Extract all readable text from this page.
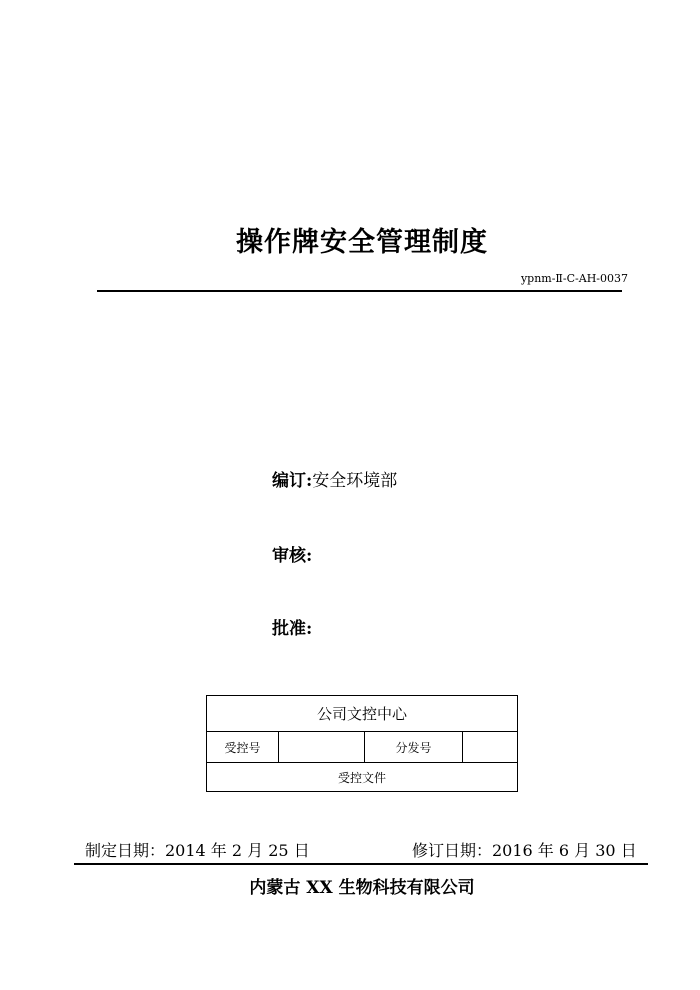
操作牌安全管理制度
ypnm-Ⅱ-C-AH-0037
编订:安全环境部
审核:
批准:
公司文控中心
受控号		分发号	
受控文件
制定日期：2014 年 2 月 25 日	修订日期：2016 年 6 月 30 日
内蒙古 XX 生物科技有限公司
